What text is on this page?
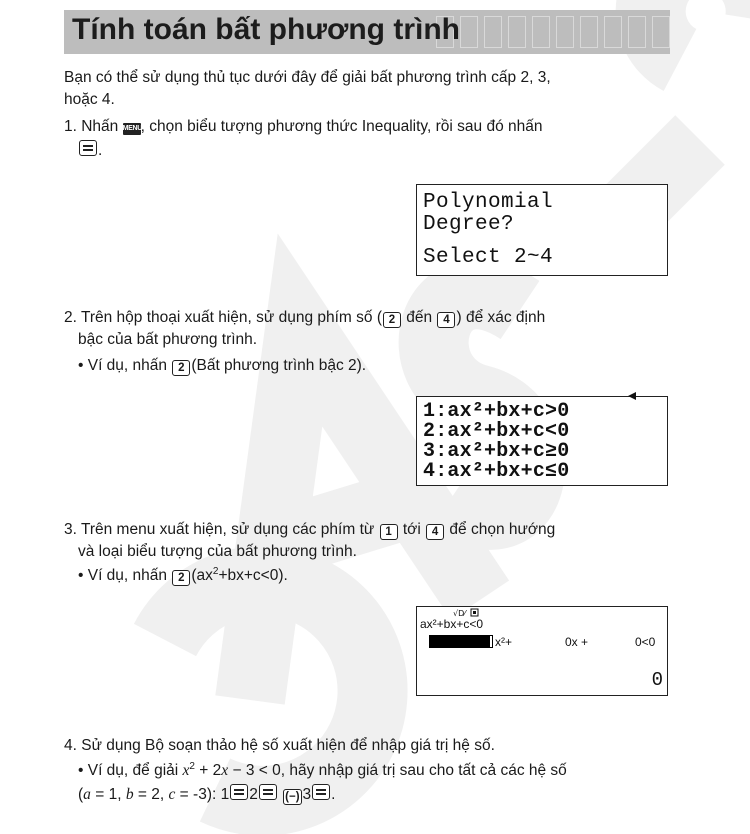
Tính toán bất phương trình
Bạn có thể sử dụng thủ tục dưới đây để giải bất phương trình cấp 2, 3,
hoặc 4.
1. Nhấn MENU, chọn biểu tượng phương thức Inequality, rồi sau đó nhấn
.
Polynomial
Degree?
Select 2~4
2. Trên hộp thoại xuất hiện, sử dụng phím số ( 2 đến 4 ) để xác định
bậc của bất phương trình.
• Ví dụ, nhấn 2 (Bất phương trình bậc 2).
1:ax²+bx+c>0
2:ax²+bx+c<0
3:ax²+bx+c≥0
4:ax²+bx+c≤0
3. Trên menu xuất hiện, sử dụng các phím từ 1 tới 4 để chọn hướng
và loại biểu tượng của bất phương trình.
• Ví dụ, nhấn 2 $(ax^2+bx+c<0)$.
√D⁄
ax²+bx+c<0
x²+	0x +	0<0
0
4. Sử dụng Bộ soạn thảo hệ số xuất hiện để nhập giá trị hệ số.
• Ví dụ, để giải $x^2 + 2x - 3 < 0$, hãy nhập giá trị sau cho tất cả các hệ số
(a = 1, b = 2, c = -3): 1 2 (−) 3 .
